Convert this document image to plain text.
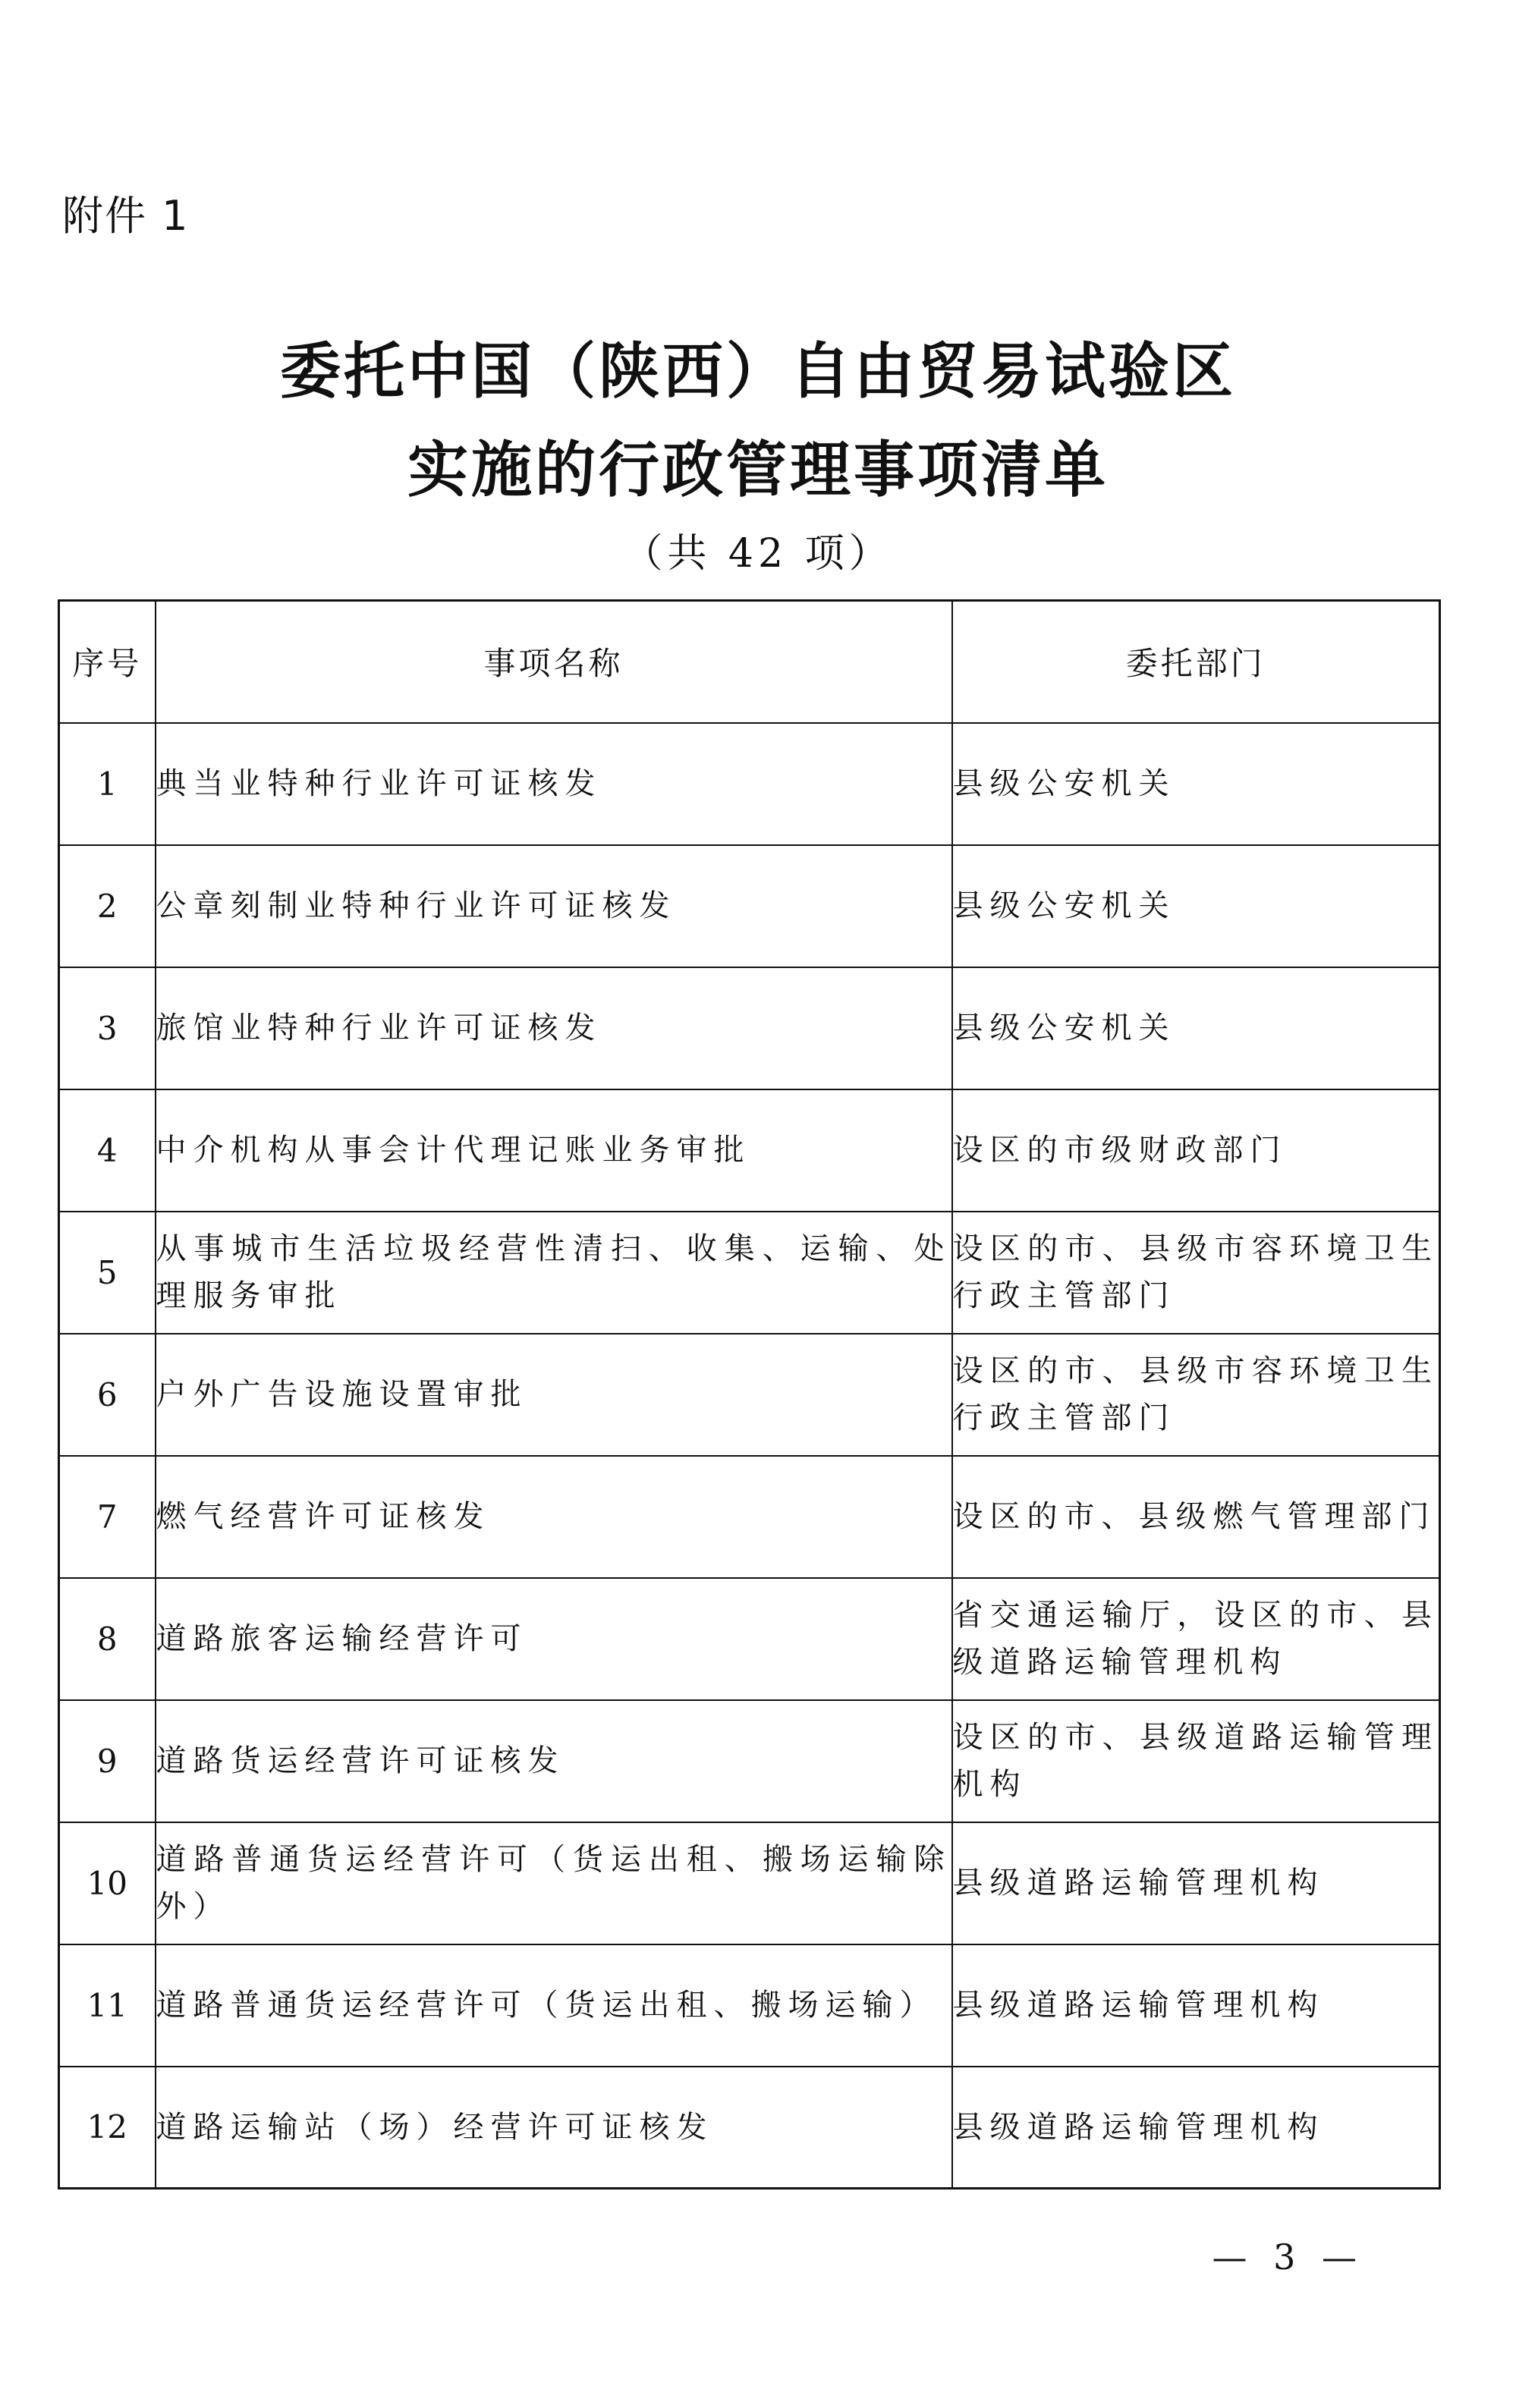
附件 1
委托中国（陕西）自由贸易试验区
实施的行政管理事项清单
（共 42 项）
序号	事项名称	委托部门
1	典当业特种行业许可证核发	县级公安机关
2	公章刻制业特种行业许可证核发	县级公安机关
3	旅馆业特种行业许可证核发	县级公安机关
4	中介机构从事会计代理记账业务审批	设区的市级财政部门
5	从事城市生活垃圾经营性清扫、收集、运输、处理服务审批	设区的市、县级市容环境卫生行政主管部门
6	户外广告设施设置审批	设区的市、县级市容环境卫生行政主管部门
7	燃气经营许可证核发	设区的市、县级燃气管理部门
8	道路旅客运输经营许可	省交通运输厅，设区的市、县级道路运输管理机构
9	道路货运经营许可证核发	设区的市、县级道路运输管理机构
10	道路普通货运经营许可（货运出租、搬场运输除外）	县级道路运输管理机构
11	道路普通货运经营许可（货运出租、搬场运输）	县级道路运输管理机构
12	道路运输站（场）经营许可证核发	县级道路运输管理机构
— 3 —
